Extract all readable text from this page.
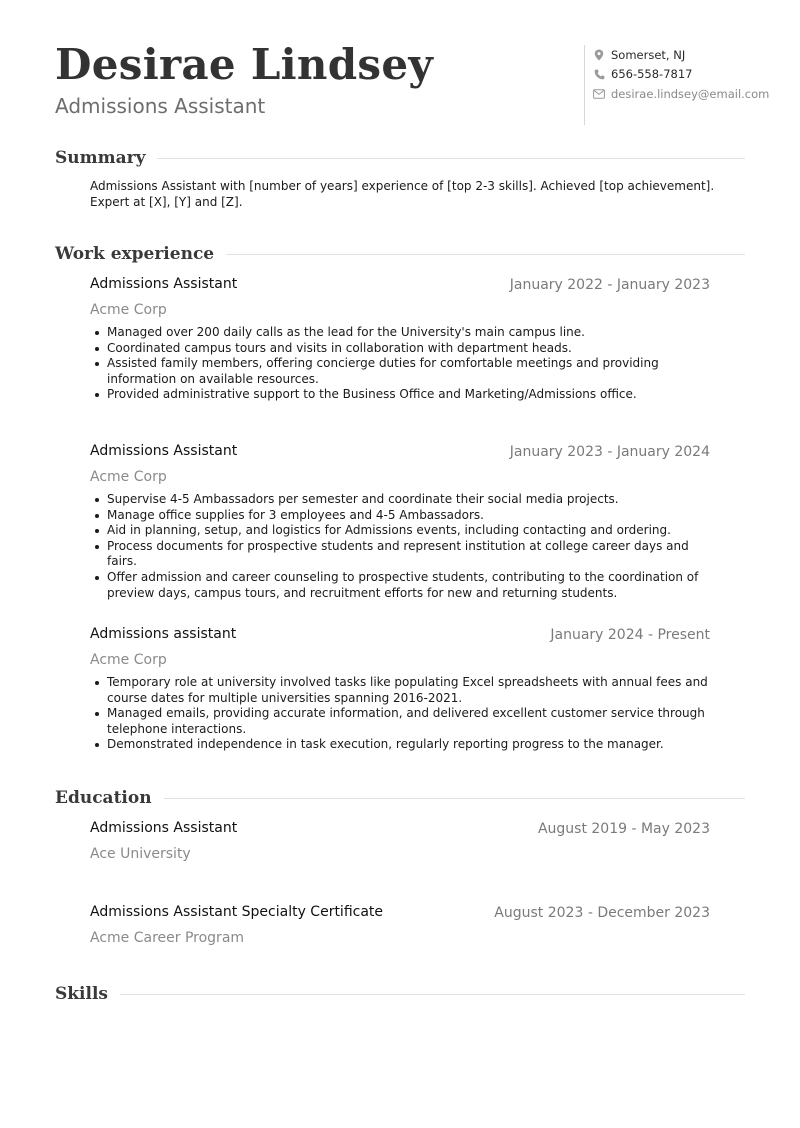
Desirae Lindsey
Admissions Assistant
Somerset, NJ
656-558-7817
desirae.lindsey@email.com
Summary

Admissions Assistant with [number of years] experience of [top 2-3 skills]. Achieved [top achievement]. Expert at [X], [Y] and [Z].

Work experience
Admissions Assistant	January 2022 - January 2023
Acme Corp
Managed over 200 daily calls as the lead for the University's main campus line.
Coordinated campus tours and visits in collaboration with department heads.
Assisted family members, offering concierge duties for comfortable meetings and providing information on available resources.
Provided administrative support to the Business Office and Marketing/Admissions office.
Admissions Assistant	January 2023 - January 2024
Acme Corp
Supervise 4-5 Ambassadors per semester and coordinate their social media projects.
Manage office supplies for 3 employees and 4-5 Ambassadors.
Aid in planning, setup, and logistics for Admissions events, including contacting and ordering.
Process documents for prospective students and represent institution at college career days and fairs.
Offer admission and career counseling to prospective students, contributing to the coordination of preview days, campus tours, and recruitment efforts for new and returning students.
Admissions assistant	January 2024 - Present
Acme Corp
Temporary role at university involved tasks like populating Excel spreadsheets with annual fees and course dates for multiple universities spanning 2016-2021.
Managed emails, providing accurate information, and delivered excellent customer service through telephone interactions.
Demonstrated independence in task execution, regularly reporting progress to the manager.
Education
Admissions Assistant	August 2019 - May 2023
Ace University
Admissions Assistant Specialty Certificate	August 2023 - December 2023
Acme Career Program
Skills
